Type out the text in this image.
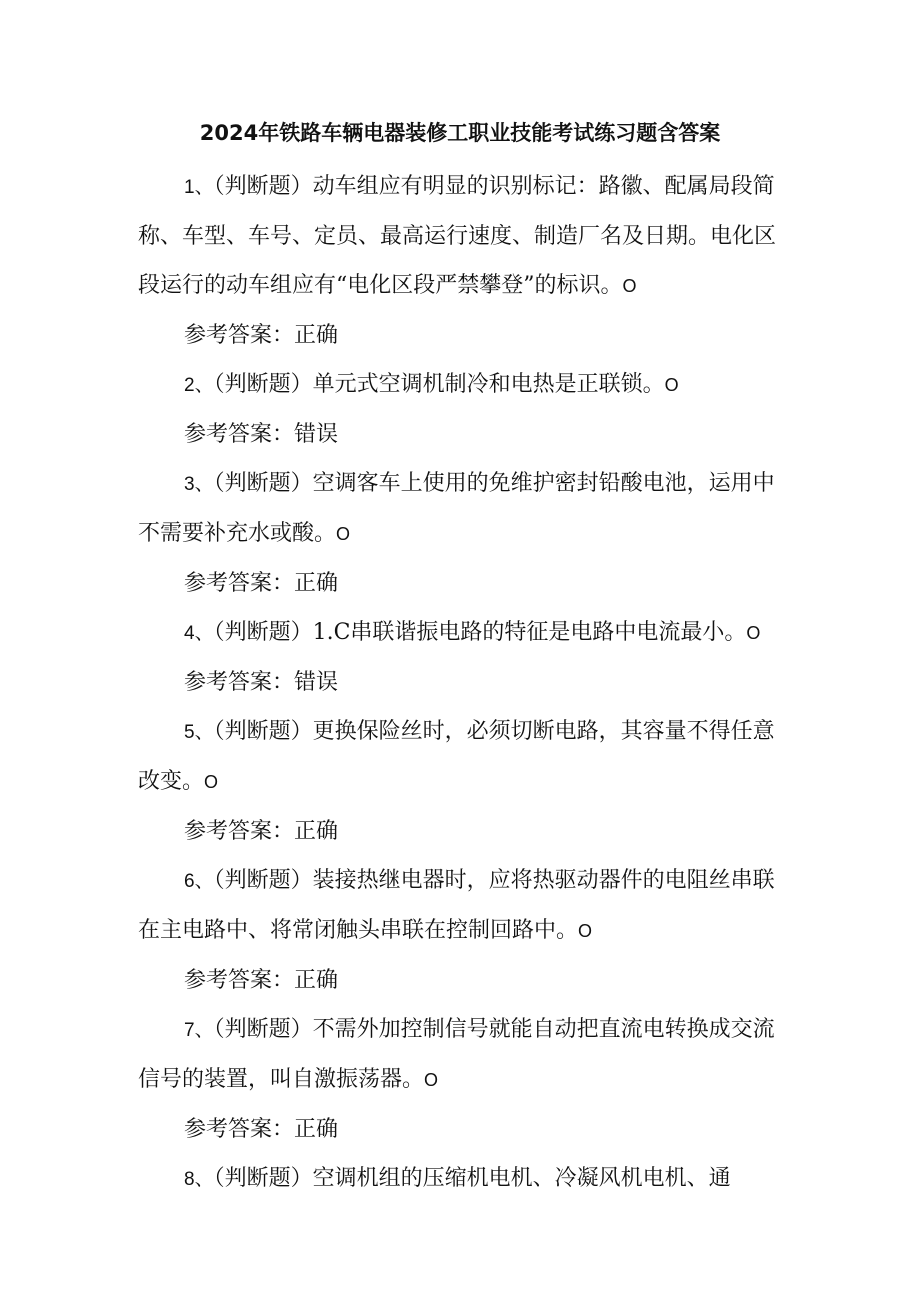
2024年铁路车辆电器装修工职业技能考试练习题含答案

1、（判断题）动车组应有明显的识别标记：路徽、配属局段简称、车型、车号、定员、最高运行速度、制造厂名及日期。电化区段运行的动车组应有“电化区段严禁攀登”的标识。O

参考答案：正确

2、（判断题）单元式空调机制冷和电热是正联锁。O

参考答案：错误

3、（判断题）空调客车上使用的免维护密封铅酸电池，运用中不需要补充水或酸。O

参考答案：正确

4、（判断题）1.C串联谐振电路的特征是电路中电流最小。O

参考答案：错误

5、（判断题）更换保险丝时，必须切断电路，其容量不得任意改变。O

参考答案：正确

6、（判断题）装接热继电器时，应将热驱动器件的电阻丝串联在主电路中、将常闭触头串联在控制回路中。O

参考答案：正确

7、（判断题）不需外加控制信号就能自动把直流电转换成交流信号的装置，叫自激振荡器。O

参考答案：正确

8、（判断题）空调机组的压缩机电机、冷凝风机电机、通
